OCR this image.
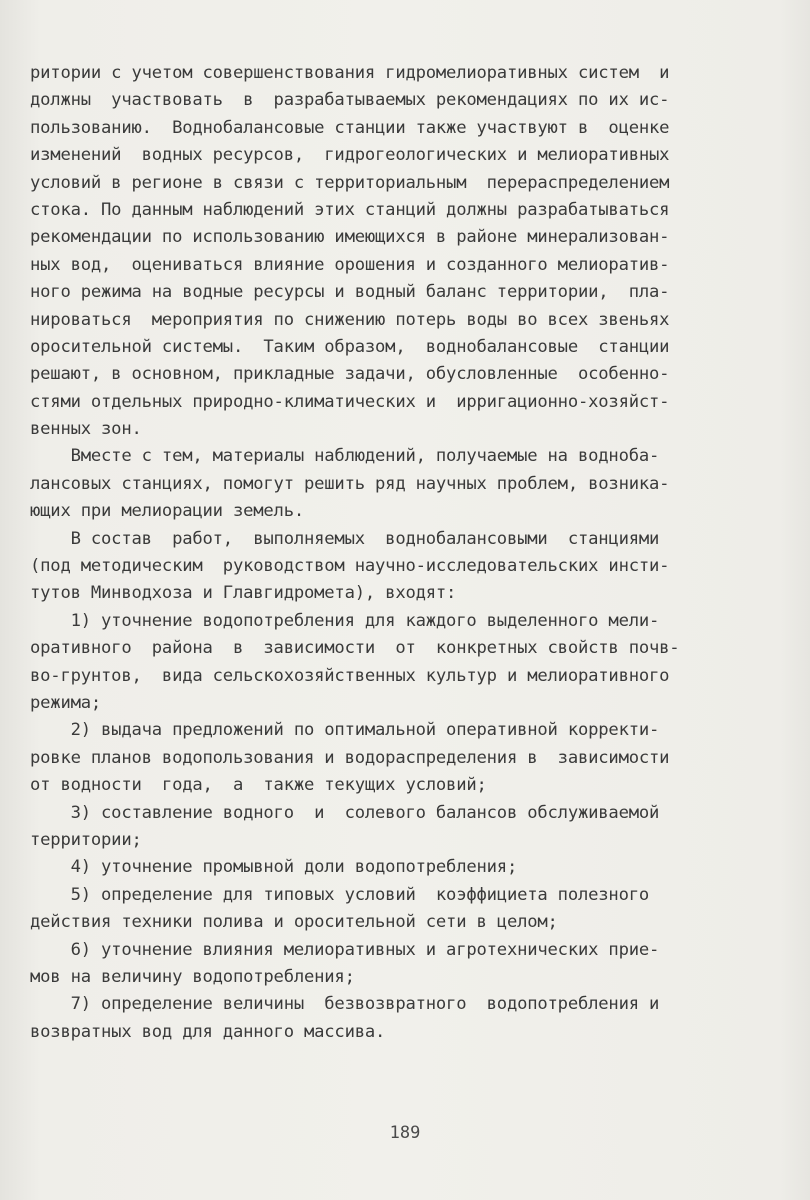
ритории с учетом совершенствования гидромелиоративных систем  и
должны  участвовать  в  разрабатываемых рекомендациях по их ис-
пользованию.  Воднобалансовые станции также участвуют в  оценке
изменений  водных ресурсов,  гидрогеологических и мелиоративных
условий в регионе в связи с территориальным  перераспределением
стока. По данным наблюдений этих станций должны разрабатываться
рекомендации по использованию имеющихся в районе минерализован-
ных вод,  оцениваться влияние орошения и созданного мелиоратив-
ного режима на водные ресурсы и водный баланс территории,  пла-
нироваться  мероприятия по снижению потерь воды во всех звеньях
оросительной системы.  Таким образом,  воднобалансовые  станции
решают, в основном, прикладные задачи, обусловленные  особенно-
стями отдельных природно-климатических и  ирригационно-хозяйст-
венных зон.
Вместе с тем, материалы наблюдений, получаемые на воднoба-
лансовых станциях, помогут решить ряд научных проблем, возника-
ющих при мелиорации земель.
В состав  работ,  выполняемых  воднобалансовыми  станциями
(под методическим  руководством научно-исследовательских инсти-
тутов Минводхоза и Главгидромета), входят:
1) уточнение водопотребления для каждого выделенного мели-
оративного  района  в  зависимости  от  конкретных свойств почв-
во-грунтов,  вида сельскохозяйственных культур и мелиоративного
режима;
2) выдача предложений по оптимальной оперативной корректи-
ровке планов водопользования и водораспределения в  зависимости
от водности  года,  а  также текущих условий;
3) составление водного  и  солевого балансов обслуживаемой
территории;
4) уточнение промывной доли водопотребления;
5) определение для типовых условий  коэффициета полезного
действия техники полива и оросительной сети в целом;
6) уточнение влияния мелиоративных и агротехнических прие-
мов на величину водопотребления;
7) определение величины  безвозвратного  водопотребления и
возвратных вод для данного массива.
189
